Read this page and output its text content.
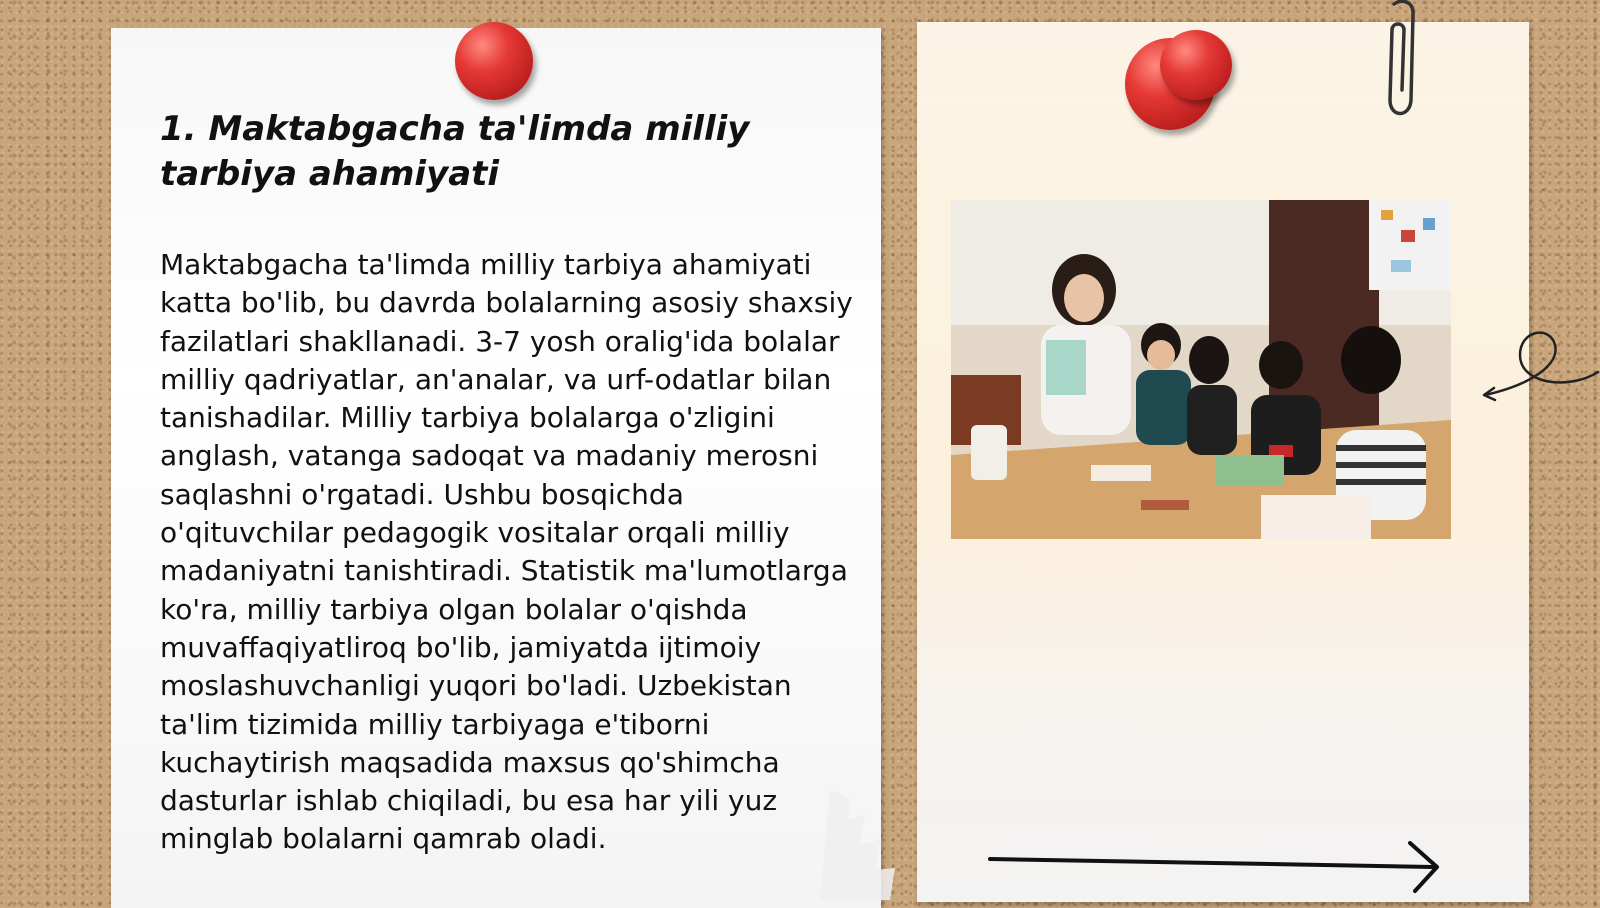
1. Maktabgacha ta'limda milliy tarbiya ahamiyati

Maktabgacha ta'limda milliy tarbiya ahamiyati katta bo'lib, bu davrda bolalarning asosiy shaxsiy fazilatlari shakllanadi. 3-7 yosh oralig'ida bolalar milliy qadriyatlar, an'analar, va urf-odatlar bilan tanishadilar. Milliy tarbiya bolalarga o'zligini anglash, vatanga sadoqat va madaniy merosni saqlashni o'rgatadi. Ushbu bosqichda o'qituvchilar pedagogik vositalar orqali milliy madaniyatni tanishtiradi. Statistik ma'lumotlarga ko'ra, milliy tarbiya olgan bolalar o'qishda muvaffaqiyatliroq bo'lib, jamiyatda ijtimoiy moslashuvchanligi yuqori bo'ladi. Uzbekistan ta'lim tizimida milliy tarbiyaga e'tiborni kuchaytirish maqsadida maxsus qo'shimcha dasturlar ishlab chiqiladi, bu esa har yili yuz minglab bolalarni qamrab oladi.
